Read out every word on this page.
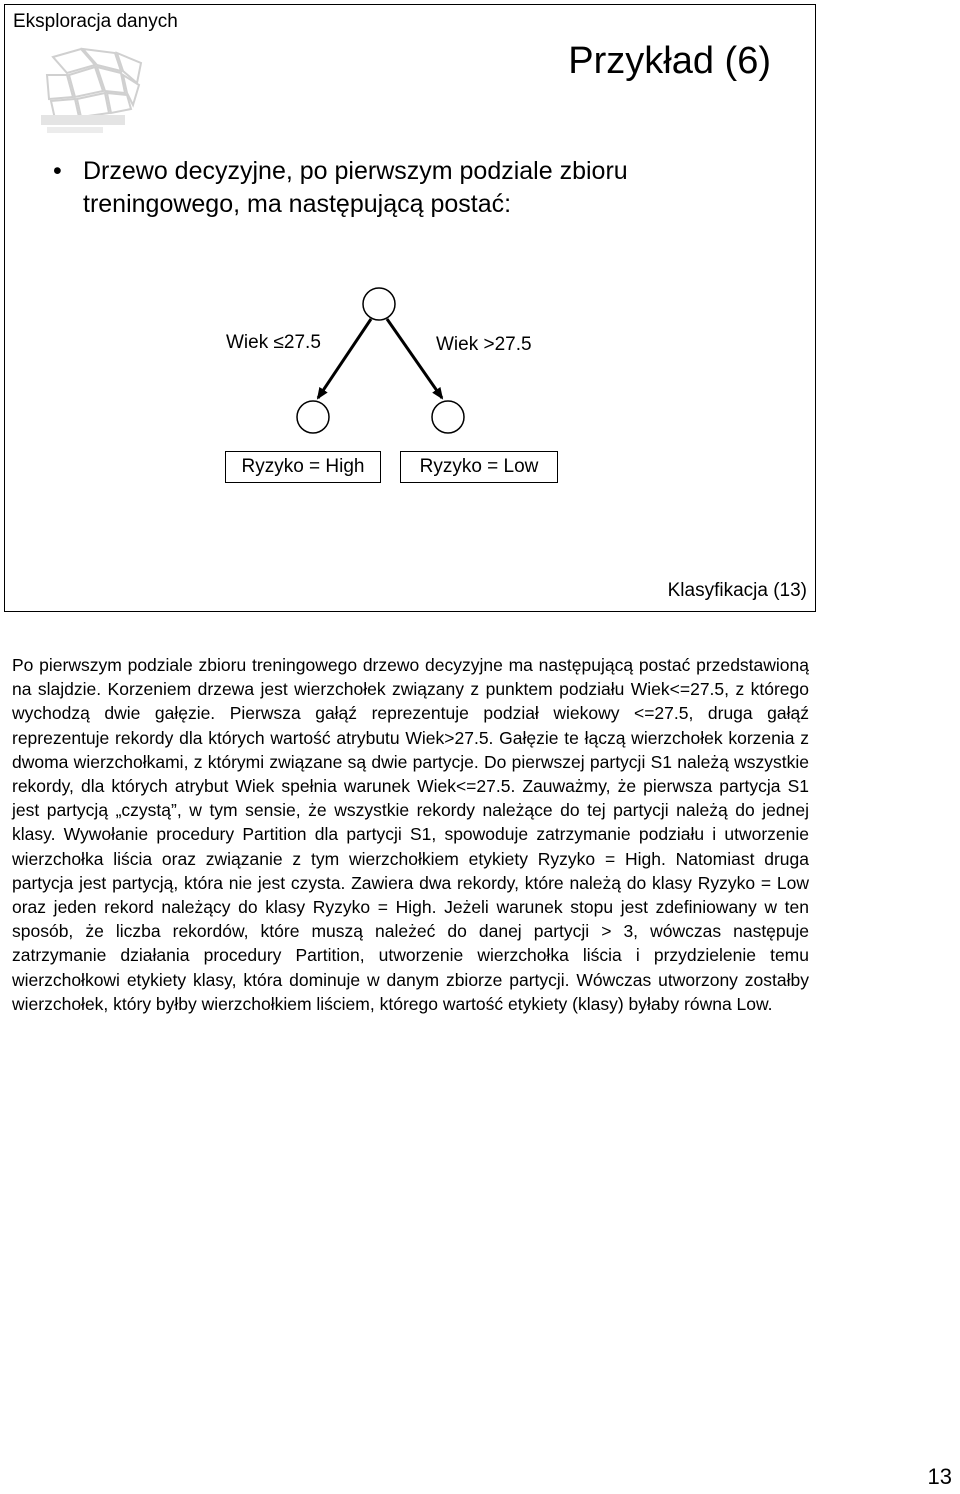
Eksploracja danych
Przykład (6)
• Drzewo decyzyjne, po pierwszym podziale zbioru treningowego, ma następującą postać:
Wiek ≤27.5	Wiek >27.5
Ryzyko = High	Ryzyko = Low
Klasyfikacja (13)
Po pierwszym podziale zbioru treningowego drzewo decyzyjne ma następującą postać przedstawioną na slajdzie. Korzeniem drzewa jest wierzchołek związany z punktem podziału Wiek<=27.5, z którego wychodzą dwie gałęzie. Pierwsza gałąź reprezentuje podział wiekowy <=27.5, druga gałąź reprezentuje rekordy dla których wartość atrybutu Wiek>27.5. Gałęzie te łączą wierzchołek korzenia z dwoma wierzchołkami, z którymi związane są dwie partycje. Do pierwszej partycji S1 należą wszystkie rekordy, dla których atrybut Wiek spełnia warunek Wiek<=27.5. Zauważmy, że pierwsza partycja S1 jest partycją „czystą”, w tym sensie, że wszystkie rekordy należące do tej partycji należą do jednej klasy. Wywołanie procedury Partition dla partycji S1, spowoduje zatrzymanie podziału i utworzenie wierzchołka liścia oraz związanie z tym wierzchołkiem etykiety Ryzyko = High. Natomiast druga partycja jest partycją, która nie jest czysta. Zawiera dwa rekordy, które należą do klasy Ryzyko = Low oraz jeden rekord należący do klasy Ryzyko = High. Jeżeli warunek stopu jest zdefiniowany w ten sposób, że liczba rekordów, które muszą należeć do danej partycji > 3, wówczas następuje zatrzymanie działania procedury Partition, utworzenie wierzchołka liścia i przydzielenie temu wierzchołkowi etykiety klasy, która dominuje w danym zbiorze partycji. Wówczas utworzony zostałby wierzchołek, który byłby wierzchołkiem liściem, którego wartość etykiety (klasy) byłaby równa Low.
13
